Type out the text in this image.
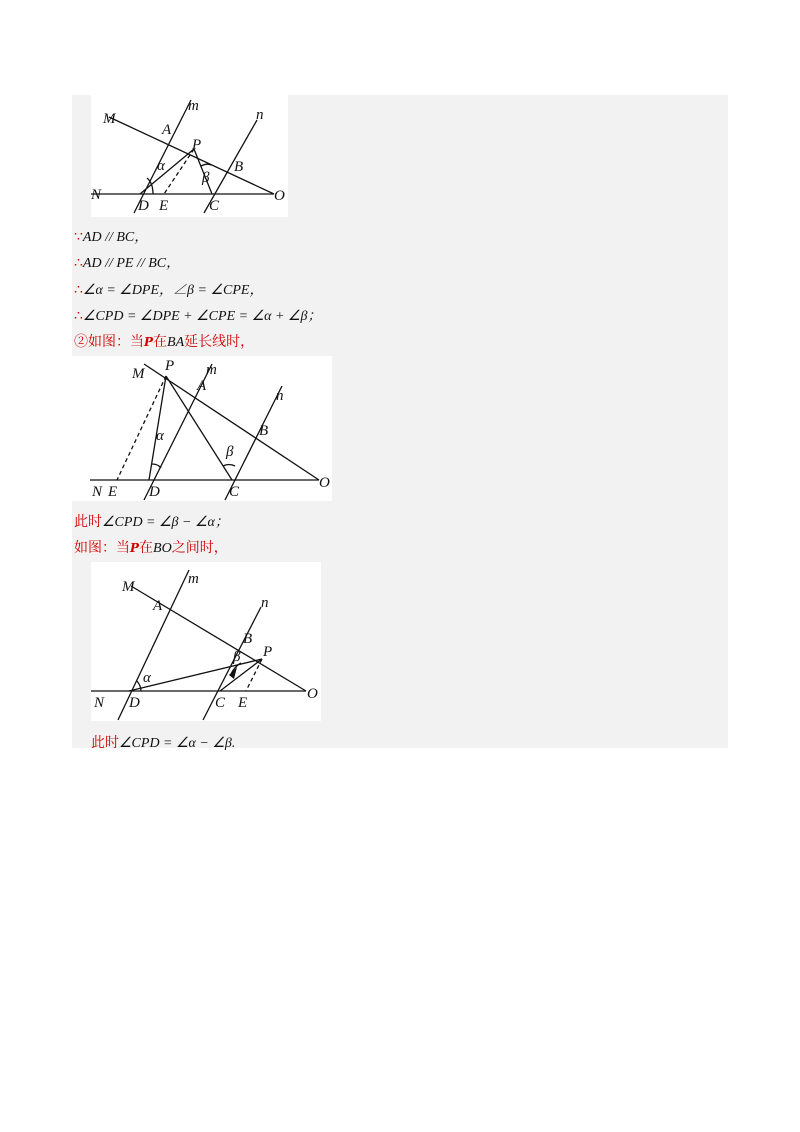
M
m
n
A
P
B
α
β
N
D E	C
O
∵AD // BC，
∴AD // PE // BC，
∴∠α = ∠DPE，∠β = ∠CPE，
∴∠CPD = ∠DPE + ∠CPE = ∠α + ∠β；
②如图：当P在BA延长线时，
M P m
A
n
B
α
β
N E D	C
O
此时∠CPD = ∠β − ∠α；
如图：当P在BO之间时，
M	m
A	n
B
P
α
β
N D	C E
O
此时∠CPD = ∠α − ∠β.
